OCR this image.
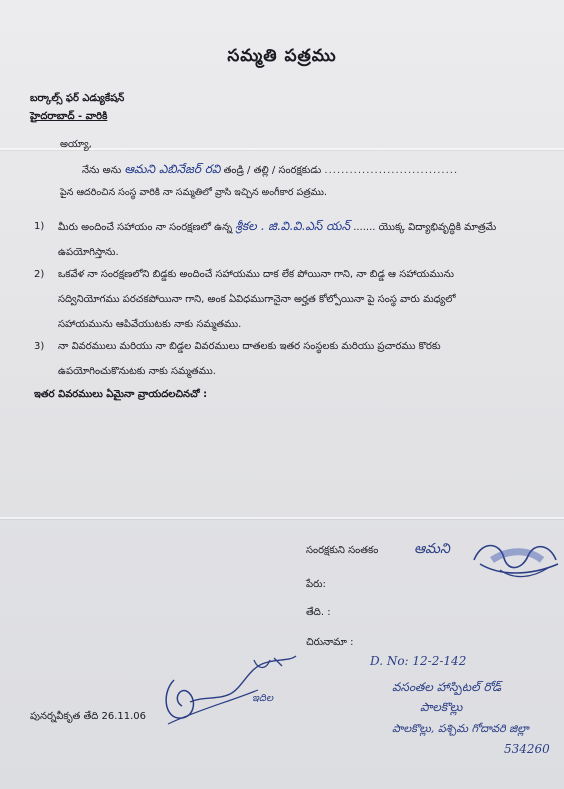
సమ్మతి పత్రము
బర్కాల్స్ ఫర్ ఎడ్యుకేషన్
హైదరాబాద్ - వారికి
అయ్యా,
నేను అను ఆమని ఎబినేజర్ రవి తండ్రి / తల్లి / సంరక్షకుడు ................................
పైన ఆదరించిన సంస్థ వారికి నా సమ్మతిలో వ్రాసి ఇచ్చిన అంగీకార పత్రము.
1) మీరు అందించే సహాయం నా సంరక్షణలో ఉన్న శ్రీకల . జి.వి.వి.ఎస్ యన్ ....... యొక్క విద్యాభివృద్ధికి మాత్రమే ఉపయోగిస్తాను.
2) ఒకవేళ నా సంరక్షణలోని బిడ్డకు అందించే సహాయము దాక లేక పోయినా గాని, నా బిడ్డ ఆ సహాయమును సద్వినియోగము పరచకపోయినా గాని, అంక ఏవిధముగానైనా అర్హత కోల్పోయినా పై సంస్థ వారు మధ్యలో సహాయమును ఆపివేయుటకు నాకు సమ్మతము.
3) నా వివరములు మరియు నా బిడ్డల వివరములు దాతలకు ఇతర సంస్థలకు మరియు ప్రచారము కొరకు ఉపయోగించుకొనుటకు నాకు సమ్మతము.
ఇతర వివరములు ఏమైనా వ్రాయదలచినచో :
సంరక్షకుని సంతకం	ఆమని
పేరు:
తేది. :
చిరునామా :
D. No: 12-2-142
వసంతల హాస్పిటల్ రోడ్
పాలకొల్లు
పాలకొల్లు, పశ్చిమ గోదావరి జిల్లా
534260
ఇదిల
పునర్నవీకృత తేది 26.11.06
